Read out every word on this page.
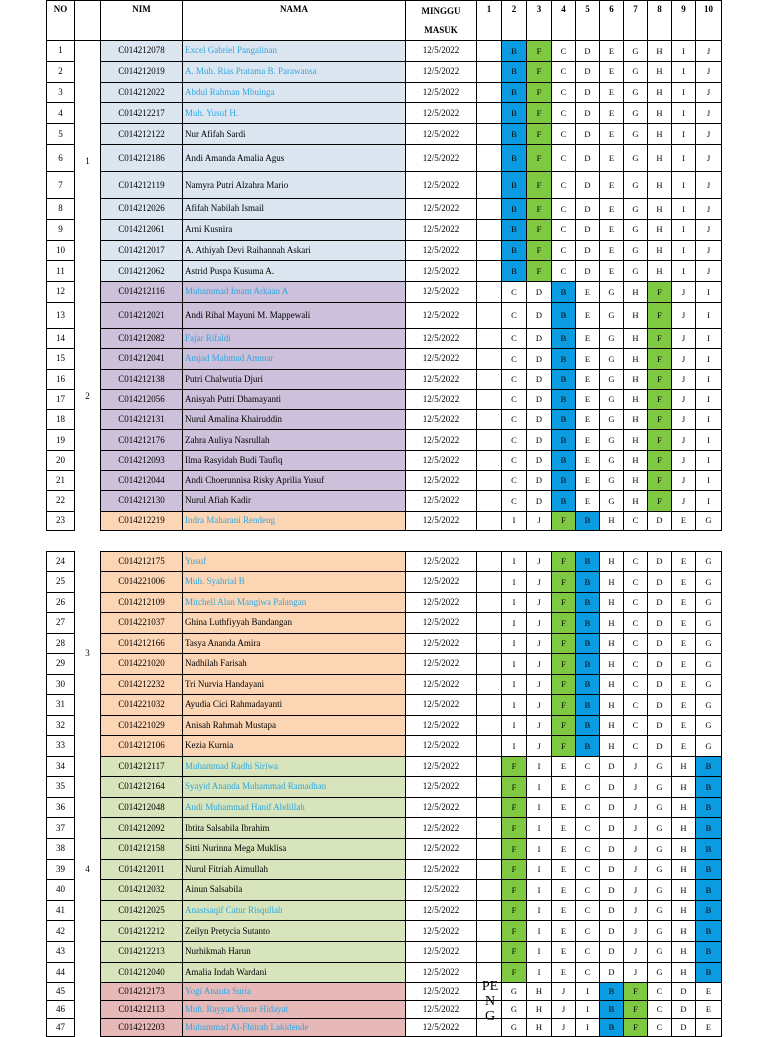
NO		NIM	NAMA	MINGGU
MASUK	1	2	3	4	5	6	7	8	9	10
1	1	C014212078	Excel Gabriel Pangalinan	12/5/2022		B	F	C	D	E	G	H	I	J
2		C014212019	A. Muh. Rias Pratama B. Parawansa	12/5/2022		B	F	C	D	E	G	H	I	J
3		C014212022	Abdul Rahman Mbuinga	12/5/2022		B	F	C	D	E	G	H	I	J
4		C014212217	Muh. Yusuf H.	12/5/2022		B	F	C	D	E	G	H	I	J
5		C014212122	Nur Afifah Sardi	12/5/2022		B	F	C	D	E	G	H	I	J
6		C014212186	Andi Amanda Amalia Agus	12/5/2022		B	F	C	D	E	G	H	I	J
7		C014212119	Namyra Putri Alzahra Mario	12/5/2022		B	F	C	D	E	G	H	I	J
8		C014212026	Afifah Nabilah Ismail	12/5/2022		B	F	C	D	E	G	H	I	J
9		C014212061	Arni Kusnira	12/5/2022		B	F	C	D	E	G	H	I	J
10		C014212017	A. Athiyah Devi Raihannah Askari	12/5/2022		B	F	C	D	E	G	H	I	J
11		C014212062	Astrid Puspa Kusuma A.	12/5/2022		B	F	C	D	E	G	H	I	J
12	2	C014212116	Muhammad Imam Arkaan A	12/5/2022		C	D	B	E	G	H	F	J	I
13		C014212021	Andi Rihal Mayuni M. Mappewali	12/5/2022		C	D	B	E	G	H	F	J	I
14		C014212082	Fajar Rifaldi	12/5/2022		C	D	B	E	G	H	F	J	I
15		C014212041	Amjad Mahmud Ammar	12/5/2022		C	D	B	E	G	H	F	J	I
16		C014212138	Putri Chalwutia Djuri	12/5/2022		C	D	B	E	G	H	F	J	I
17		C014212056	Anisyah Putri Dhamayanti	12/5/2022		C	D	B	E	G	H	F	J	I
18		C014212131	Nurul Amalina Khairuddin	12/5/2022		C	D	B	E	G	H	F	J	I
19		C014212176	Zahra Auliya Nasrullah	12/5/2022		C	D	B	E	G	H	F	J	I
20		C014212093	Ilma Rasyidah Budi Taufiq	12/5/2022		C	D	B	E	G	H	F	J	I
21		C014212044	Andi Choerunnisa Risky Aprilia Yusuf	12/5/2022		C	D	B	E	G	H	F	J	I
22		C014212130	Nurul Afiah Kadir	12/5/2022		C	D	B	E	G	H	F	J	I
23		C014212219	Indra Maharani Rendeng	12/5/2022		I	J	F	B	H	C	D	E	G

24	3	C014212175	Yusuf	12/5/2022		I	J	F	B	H	C	D	E	G
25		C014221006	Muh. Syahrial B	12/5/2022		I	J	F	B	H	C	D	E	G
26		C014212109	Mitchell Alan Mangiwa Palangan	12/5/2022		I	J	F	B	H	C	D	E	G
27		C014221037	Ghina Luthfiyyah Bandangan	12/5/2022		I	J	F	B	H	C	D	E	G
28		C014212166	Tasya Ananda Amira	12/5/2022		I	J	F	B	H	C	D	E	G
29		C014221020	Nadhilah Farisah	12/5/2022		I	J	F	B	H	C	D	E	G
30		C014212232	Tri Nurvia Handayani	12/5/2022		I	J	F	B	H	C	D	E	G
31		C014221032	Ayudia Cici Rahmadayanti	12/5/2022		I	J	F	B	H	C	D	E	G
32		C014221029	Anisah Rahmah Mustapa	12/5/2022		I	J	F	B	H	C	D	E	G
33		C014212106	Kezia Kurnia	12/5/2022		I	J	F	B	H	C	D	E	G
34	4	C014212117	Muhammad Radhi Siriwa	12/5/2022		F	I	E	C	D	J	G	H	B
35		C014212164	Syayid Ananda Muhammad Ramadhan	12/5/2022		F	I	E	C	D	J	G	H	B
36		C014212048	Andi Muhammad Hanif Abdillah	12/5/2022		F	I	E	C	D	J	G	H	B
37		C014212092	Ibtita Salsabila Ibrahim	12/5/2022		F	I	E	C	D	J	G	H	B
38		C014212158	Sitti Nurinna Mega Muklisa	12/5/2022		F	I	E	C	D	J	G	H	B
39		C014212011	Nurul Fitriah Aimullah	12/5/2022		F	I	E	C	D	J	G	H	B
40		C014212032	Ainun Salsabila	12/5/2022		F	I	E	C	D	J	G	H	B
41		C014212025	Anastsaqif Catur Risqullah	12/5/2022		F	I	E	C	D	J	G	H	B
42		C014212212	Zeilyn Pretycia Sutanto	12/5/2022		F	I	E	C	D	J	G	H	B
43		C014212213	Nurhikmah Harun	12/5/2022		F	I	E	C	D	J	G	H	B
44		C014212040	Amalia Indah Wardani	12/5/2022		F	I	E	C	D	J	G	H	B
45		C014212173	Yogi Ananta Suria	12/5/2022		G	H	J	I	B	F	C	D	E
46		C014212113	Muh. Rayyan Yunar Hidayat	12/5/2022		G	H	J	I	B	F	C	D	E
47		C014212203	Muhammad Al-Fhitrah Lakidende	12/5/2022		G	H	J	I	B	F	C	D	E
PE
N
G
